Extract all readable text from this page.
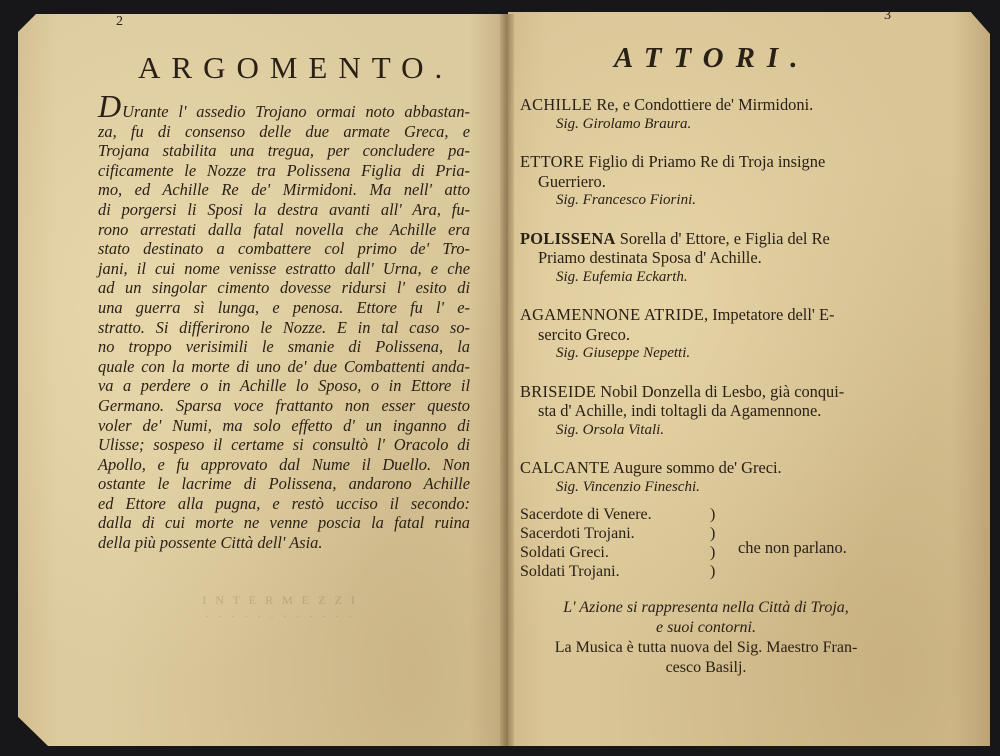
I N T E R M E Z Z I
· · · · · · · · · · · ·
2
ARGOMENTO.
DUrante l' assedio Trojano ormai noto abbastan-
za, fu di consenso delle due armate Greca, e
Trojana stabilita una tregua, per concludere pa-
cificamente le Nozze tra Polissena Figlia di Pria-
mo, ed Achille Re de' Mirmidoni. Ma nell' atto
di porgersi li Sposi la destra avanti all' Ara, fu-
rono arrestati dalla fatal novella che Achille era
stato destinato a combattere col primo de' Tro-
jani, il cui nome venisse estratto dall' Urna, e che
ad un singolar cimento dovesse ridursi l' esito di
una guerra sì lunga, e penosa. Ettore fu l' e-
stratto. Si differirono le Nozze. E in tal caso so-
no troppo verisimili le smanie di Polissena, la
quale con la morte di uno de' due Combattenti anda-
va a perdere o in Achille lo Sposo, o in Ettore il
Germano. Sparsa voce frattanto non esser questo
voler de' Numi, ma solo effetto d' un inganno di
Ulisse; sospeso il certame si consultò l' Oracolo di
Apollo, e fu approvato dal Nume il Duello. Non
ostante le lacrime di Polissena, andarono Achille
ed Ettore alla pugna, e restò ucciso il secondo:
dalla di cui morte ne venne poscia la fatal ruina
della più possente Città dell' Asia.
3
ATTORI.
ACHILLE Re, e Condottiere de' Mirmidoni.
Sig. Girolamo Braura.
ETTORE Figlio di Priamo Re di Troja insigne
Guerriero.
Sig. Francesco Fiorini.
POLISSENA Sorella d' Ettore, e Figlia del Re
Priamo destinata Sposa d' Achille.
Sig. Eufemia Eckarth.
AGAMENNONE ATRIDE, Impetatore dell' E-
sercito Greco.
Sig. Giuseppe Nepetti.
BRISEIDE Nobil Donzella di Lesbo, già conqui-
sta d' Achille, indi toltagli da Agamennone.
Sig. Orsola Vitali.
CALCANTE Augure sommo de' Greci.
Sig. Vincenzio Fineschi.
Sacerdote di Venere.	)
Sacerdoti Trojani.	)
Soldati Greci.	)
Soldati Trojani.	)
che non parlano.
L' Azione si rappresenta nella Città di Troja,
e suoi contorni.
La Musica è tutta nuova del Sig. Maestro Fran-
cesco Basilj.
